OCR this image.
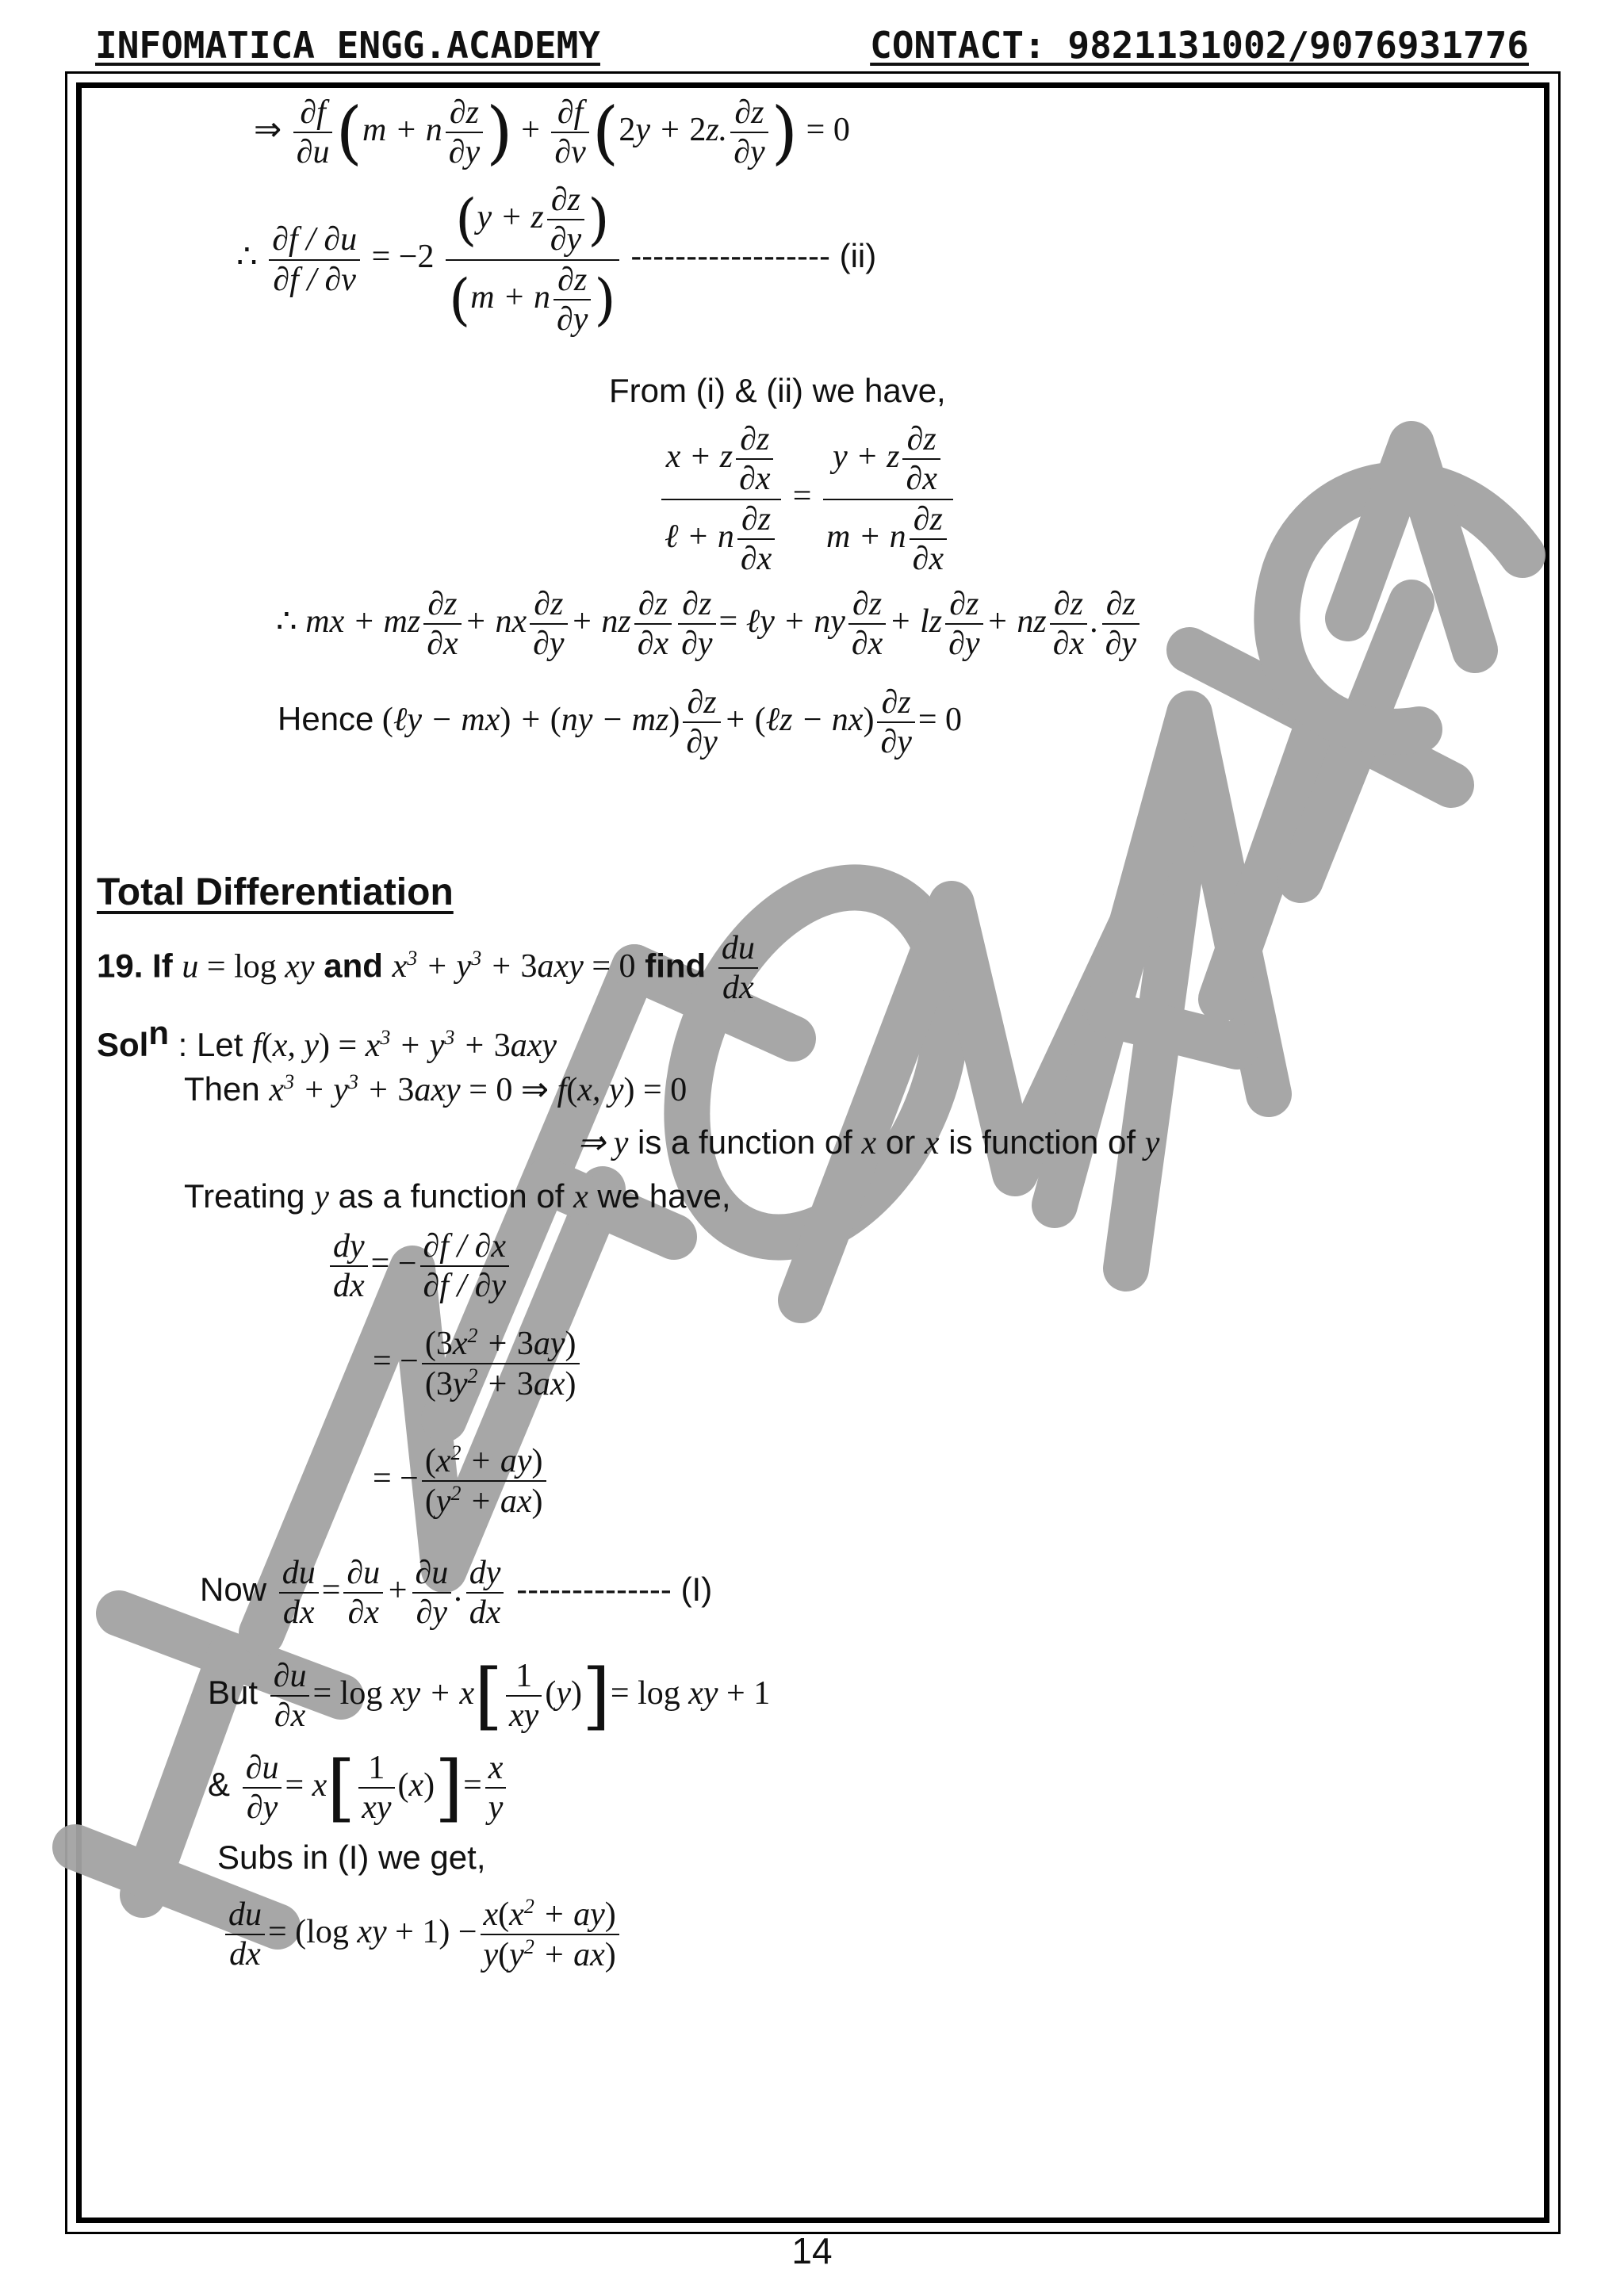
INFOMATICA ENGG.ACADEMY	CONTACT: 9821131002/9076931776
⇒ $\frac{\partial f}{\partial u} (m + n \frac{\partial z}{\partial y}$ ) + $\frac{\partial f}{\partial v} (2y + 2z$. $\frac{\partial z}{\partial y}$ ) = 0
∴ $\frac{\partial f / \partial u}{\partial f / \partial v} = -2 \frac{(y + z \frac{\partial z}{\partial y} )}{(m + n \frac{\partial z}{\partial y} )}$ ------------------ (ii)
From (i) & (ii) we have,
$\frac{x + z \frac{\partial z}{\partial x}}{\ell + n \frac{\partial z}{\partial x}} = \frac{y + z \frac{\partial z}{\partial x}}{m + n \frac{\partial z}{\partial x}}$
∴ mx + mz $\frac{\partial z}{\partial x}$ + nx $\frac{\partial z}{\partial y}$ + nz $\frac{\partial z}{\partial x} \frac{\partial z}{\partial y}$ = ℓy + ny $\frac{\partial z}{\partial x}$ + lz $\frac{\partial z}{\partial y}$ + nz $\frac{\partial z}{\partial x}$ . $\frac{\partial z}{\partial y}$
Hence (ℓy − $mx) + (ny - mz) \frac{\partial z}{\partial y}$ + (ℓz − $nx) \frac{\partial z}{\partial y} = 0$
Total Differentiation
19. If u = log xy and $x^3 + y^3 + 3axy = 0$ find $\frac{du}{dx}$
Sol$^n$ : Let f(x, $y) = x^3 + y^3 + 3axy$
Then $x^3 + y^3 + 3axy = 0$ ⇒ f(x, y) = 0
⇒ y is a function of x or x is function of y
Treating y as a function of x we have,
$\frac{dy}{dx}$ = − $\frac{\partial f / \partial x}{\partial f / \partial y}$
= − $\frac{(3x^2 + 3ay)}{(3y^2 + 3ax)}$
= − $\frac{(x^2 + ay)}{(y^2 + ax)}$
Now $\frac{du}{dx} = \frac{\partial u}{\partial x} + \frac{\partial u}{\partial y}$ . $\frac{dy}{dx}$ -------------- (I)
But $\frac{\partial u}{\partial x} = \log$ xy + $x[ \frac{1}{xy} (y)]= \log$ xy + 1
& $\frac{\partial u}{\partial y} = x[ \frac{1}{xy} (x)]= \frac{x}{y}$
Subs in (I) we get,
$\frac{du}{dx} = (\log$ xy + $1) - \frac{x(x^2 + ay)}{y(y^2 + ax)}$
14
